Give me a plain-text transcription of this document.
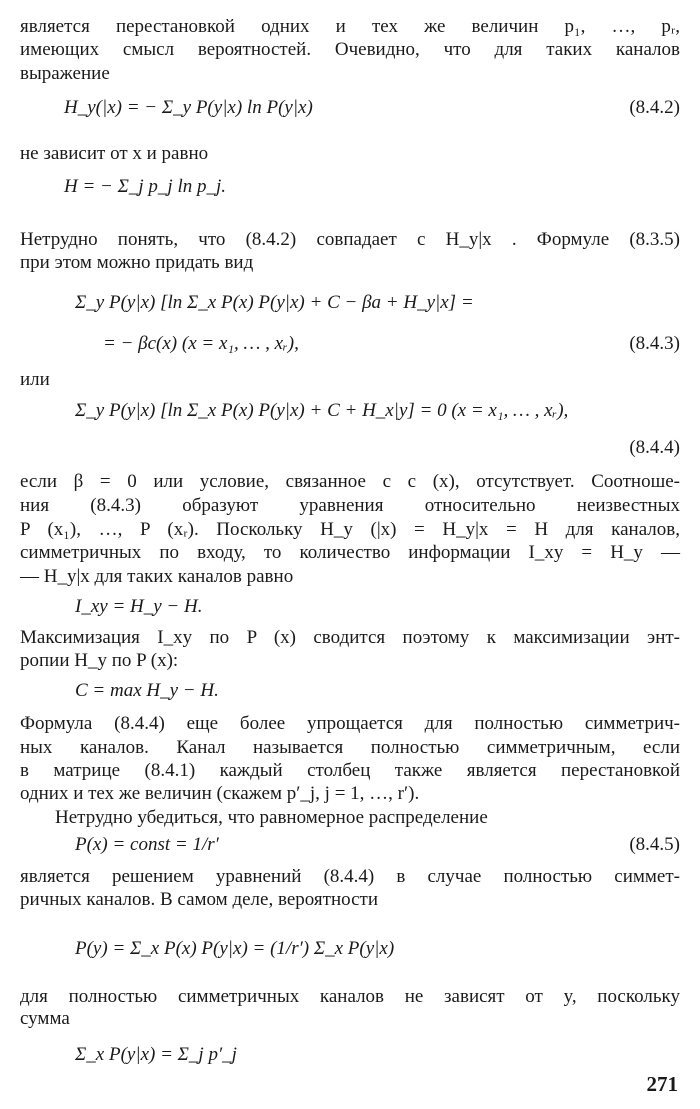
является перестановкой одних и тех же величин p₁, …, pᵣ,
имеющих смысл вероятностей. Очевидно, что для таких каналов
выражение
H_y(|x) = − Σ_y P(y|x) ln P(y|x)	(8.4.2)
не зависит от x и равно
H = − Σ_j p_j ln p_j.
Нетрудно понять, что (8.4.2) совпадает с H_y|x . Формуле (8.3.5)
при этом можно придать вид
Σ_y P(y|x) [ln Σ_x P(x) P(y|x) + C − βa + H_y|x] =
= − βc(x) (x = x₁, … , xᵣ),	(8.4.3)
или
Σ_y P(y|x) [ln Σ_x P(x) P(y|x) + C + H_x|y] = 0 (x = x₁, … , xᵣ),
(8.4.4)
если β = 0 или условие, связанное с c (x), отсутствует. Соотноше-
ния (8.4.3) образуют уравнения относительно неизвестных
P (x₁), …, P (xᵣ). Поскольку H_y (|x) = H_y|x = H для каналов,
симметричных по входу, то количество информации I_xy = H_y —
— H_y|x для таких каналов равно
I_xy = H_y − H.
Максимизация I_xy по P (x) сводится поэтому к максимизации энт-
ропии H_y по P (x):
C = max H_y − H.
Формула (8.4.4) еще более упрощается для полностью симметрич-
ных каналов. Канал называется полностью симметричным, если
в матрице (8.4.1) каждый столбец также является перестановкой
одних и тех же величин (скажем p′_j, j = 1, …, r′).
Нетрудно убедиться, что равномерное распределение
P(x) = const = 1/r′	(8.4.5)
является решением уравнений (8.4.4) в случае полностью симмет-
ричных каналов. В самом деле, вероятности
P(y) = Σ_x P(x) P(y|x) = (1/r′) Σ_x P(y|x)
для полностью симметричных каналов не зависят от y, поскольку
сумма
Σ_x P(y|x) = Σ_j p′_j
271
